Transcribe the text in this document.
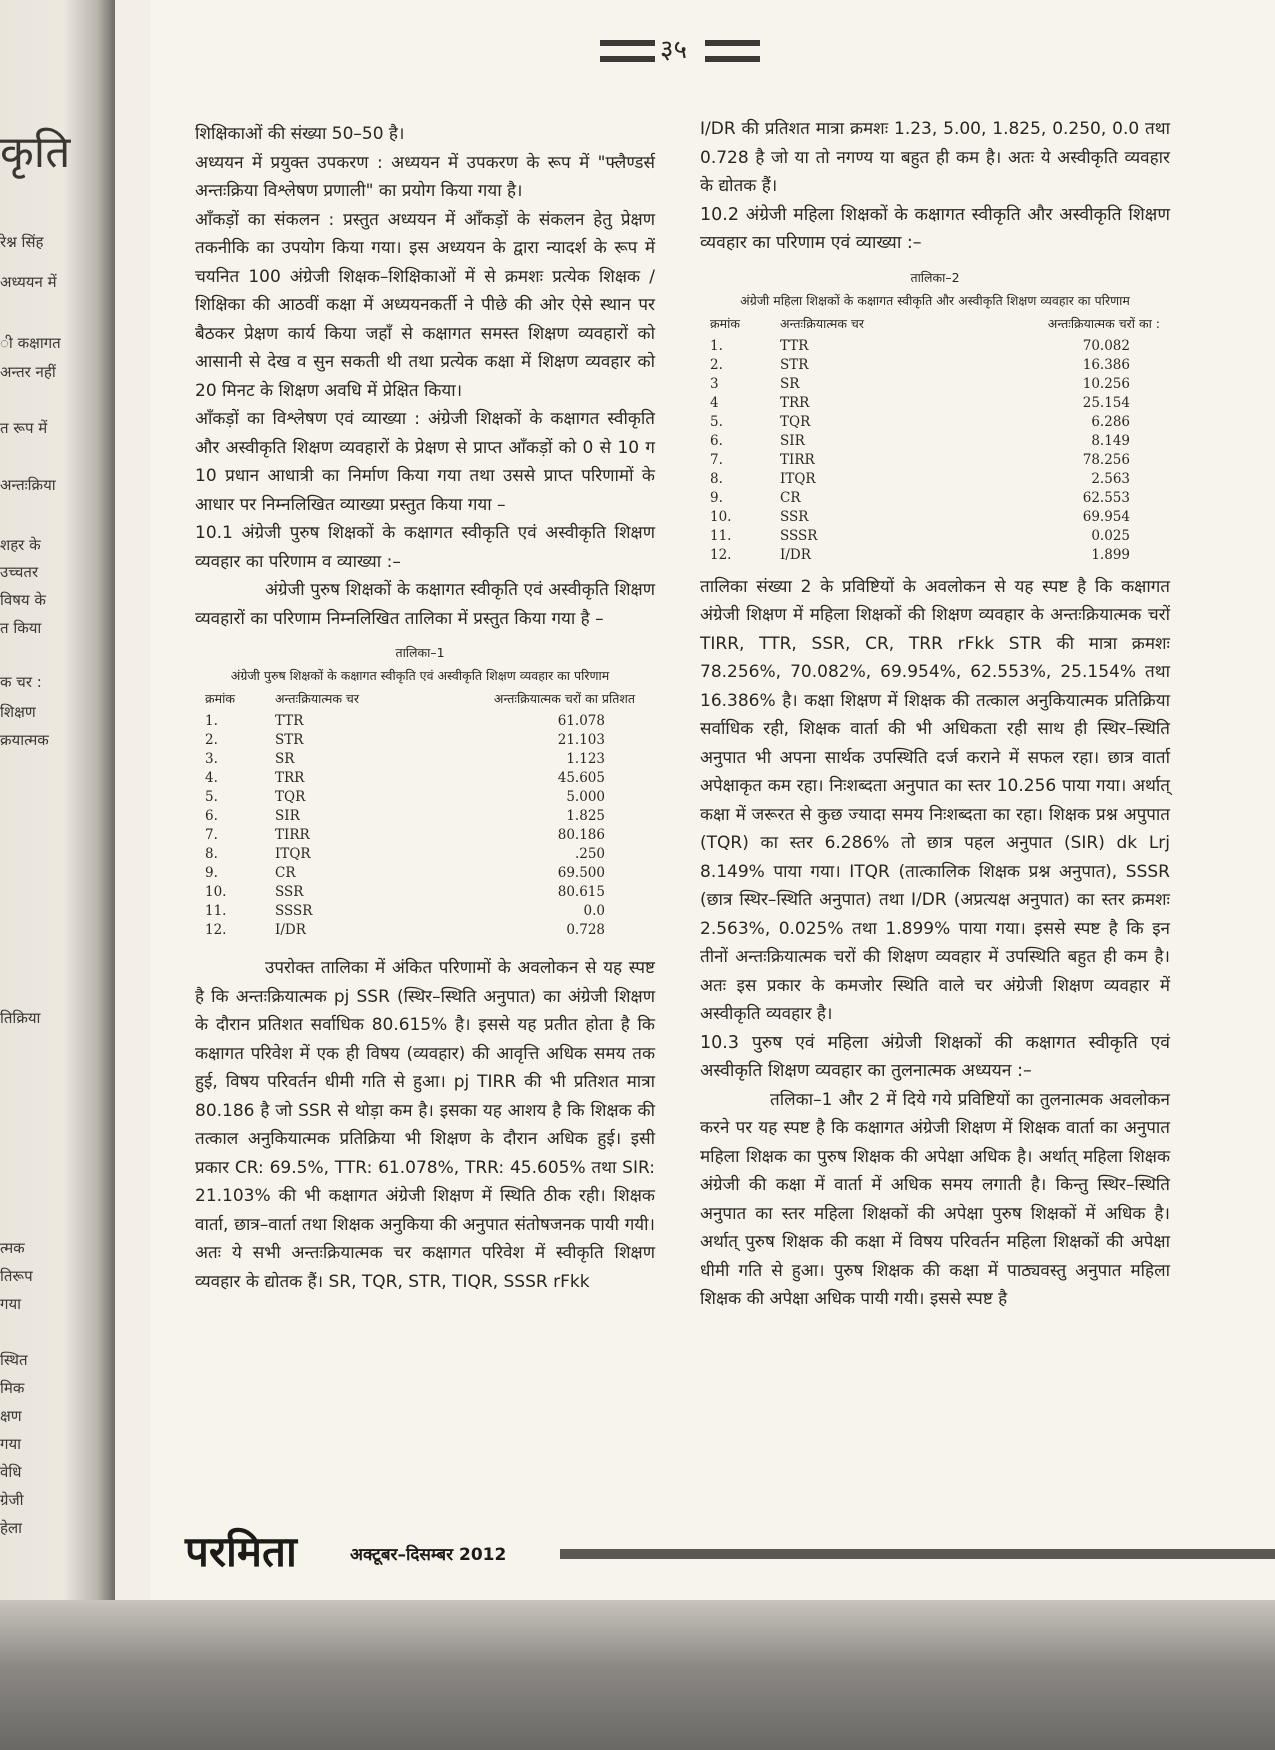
कृति
रेश्न सिंह
अध्ययन में
ी कक्षागत
अन्तर नहीं
त रूप में
अन्तःक्रिया
शहर के
उच्चतर
विषय के
त किया
क चर :
शिक्षण
क्रयात्मक
तिक्रिया
त्मक
तिरूप
गया
स्थित
मिक
क्षण
गया
वेधि
ग्रेजी
हेला
३५

शिक्षिकाओं की संख्या 50–50 है।

अध्ययन में प्रयुक्त उपकरण : अध्ययन में उपकरण के रूप में "फ्लैण्डर्स अन्तःक्रिया विश्लेषण प्रणाली" का प्रयोग किया गया है।

आँकड़ों का संकलन : प्रस्तुत अध्ययन में आँकड़ों के संकलन हेतु प्रेक्षण तकनीकि का उपयोग किया गया। इस अध्ययन के द्वारा न्यादर्श के रूप में चयनित 100 अंग्रेजी शिक्षक–शिक्षिकाओं में से क्रमशः प्रत्येक शिक्षक / शिक्षिका की आठवीं कक्षा में अध्ययनकर्ती ने पीछे की ओर ऐसे स्थान पर बैठकर प्रेक्षण कार्य किया जहाँ से कक्षागत समस्त शिक्षण व्यवहारों को आसानी से देख व सुन सकती थी तथा प्रत्येक कक्षा में शिक्षण व्यवहार को 20 मिनट के शिक्षण अवधि में प्रेक्षित किया।

आँकड़ों का विश्लेषण एवं व्याख्या : अंग्रेजी शिक्षकों के कक्षागत स्वीकृति और अस्वीकृति शिक्षण व्यवहारों के प्रेक्षण से प्राप्त आँकड़ों को 0 से 10 ग 10 प्रधान आधात्री का निर्माण किया गया तथा उससे प्राप्त परिणामों के आधार पर निम्नलिखित व्याख्या प्रस्तुत किया गया –

10.1 अंग्रेजी पुरुष शिक्षकों के कक्षागत स्वीकृति एवं अस्वीकृति शिक्षण व्यवहार का परिणाम व व्याख्या :–

अंग्रेजी पुरुष शिक्षकों के कक्षागत स्वीकृति एवं अस्वीकृति शिक्षण व्यवहारों का परिणाम निम्नलिखित तालिका में प्रस्तुत किया गया है –

तालिका–1
अंग्रेजी पुरुष शिक्षकों के कक्षागत स्वीकृति एवं अस्वीकृति शिक्षण व्यवहार का परिणाम
क्रमांक	अन्तःक्रियात्मक चर	अन्तःक्रियात्मक चरों का प्रतिशत
1.	TTR	61.078
2.	STR	21.103
3.	SR	1.123
4.	TRR	45.605
5.	TQR	5.000
6.	SIR	1.825
7.	TIRR	80.186
8.	ITQR	.250
9.	CR	69.500
10.	SSR	80.615
11.	SSSR	0.0
12.	I/DR	0.728

उपरोक्त तालिका में अंकित परिणामों के अवलोकन से यह स्पष्ट है कि अन्तःक्रियात्मक pj SSR (स्थिर–स्थिति अनुपात) का अंग्रेजी शिक्षण के दौरान प्रतिशत सर्वाधिक 80.615% है। इससे यह प्रतीत होता है कि कक्षागत परिवेश में एक ही विषय (व्यवहार) की आवृत्ति अधिक समय तक हुई, विषय परिवर्तन धीमी गति से हुआ। pj TIRR की भी प्रतिशत मात्रा 80.186 है जो SSR से थोड़ा कम है। इसका यह आशय है कि शिक्षक की तत्काल अनुकियात्मक प्रतिक्रिया भी शिक्षण के दौरान अधिक हुई। इसी प्रकार CR: 69.5%, TTR: 61.078%, TRR: 45.605% तथा SIR: 21.103% की भी कक्षागत अंग्रेजी शिक्षण में स्थिति ठीक रही। शिक्षक वार्ता, छात्र–वार्ता तथा शिक्षक अनुकिया की अनुपात संतोषजनक पायी गयी। अतः ये सभी अन्तःक्रियात्मक चर कक्षागत परिवेश में स्वीकृति शिक्षण व्यवहार के द्योतक हैं। SR, TQR, STR, TIQR, SSSR rFkk

I/DR की प्रतिशत मात्रा क्रमशः 1.23, 5.00, 1.825, 0.250, 0.0 तथा 0.728 है जो या तो नगण्य या बहुत ही कम है। अतः ये अस्वीकृति व्यवहार के द्योतक हैं।

10.2 अंग्रेजी महिला शिक्षकों के कक्षागत स्वीकृति और अस्वीकृति शिक्षण व्यवहार का परिणाम एवं व्याख्या :–

तालिका–2
अंग्रेजी महिला शिक्षकों के कक्षागत स्वीकृति और अस्वीकृति शिक्षण व्यवहार का परिणाम
क्रमांक	अन्तःक्रियात्मक चर	अन्तःक्रियात्मक चरों का :
1.	TTR	70.082
2.	STR	16.386
3	SR	10.256
4	TRR	25.154
5.	TQR	6.286
6.	SIR	8.149
7.	TIRR	78.256
8.	ITQR	2.563
9.	CR	62.553
10.	SSR	69.954
11.	SSSR	0.025
12.	I/DR	1.899

तालिका संख्या 2 के प्रविष्टियों के अवलोकन से यह स्पष्ट है कि कक्षागत अंग्रेजी शिक्षण में महिला शिक्षकों की शिक्षण व्यवहार के अन्तःक्रियात्मक चरों TIRR, TTR, SSR, CR, TRR rFkk STR की मात्रा क्रमशः 78.256%, 70.082%, 69.954%, 62.553%, 25.154% तथा 16.386% है। कक्षा शिक्षण में शिक्षक की तत्काल अनुकियात्मक प्रतिक्रिया सर्वाधिक रही, शिक्षक वार्ता की भी अधिकता रही साथ ही स्थिर–स्थिति अनुपात भी अपना सार्थक उपस्थिति दर्ज कराने में सफल रहा। छात्र वार्ता अपेक्षाकृत कम रहा। निःशब्दता अनुपात का स्तर 10.256 पाया गया। अर्थात् कक्षा में जरूरत से कुछ ज्यादा समय निःशब्दता का रहा। शिक्षक प्रश्न अपुपात (TQR) का स्तर 6.286% तो छात्र पहल अनुपात (SIR) dk Lrj 8.149% पाया गया। ITQR (तात्कालिक शिक्षक प्रश्न अनुपात), SSSR (छात्र स्थिर–स्थिति अनुपात) तथा I/DR (अप्रत्यक्ष अनुपात) का स्तर क्रमशः 2.563%, 0.025% तथा 1.899% पाया गया। इससे स्पष्ट है कि इन तीनों अन्तःक्रियात्मक चरों की शिक्षण व्यवहार में उपस्थिति बहुत ही कम है। अतः इस प्रकार के कमजोर स्थिति वाले चर अंग्रेजी शिक्षण व्यवहार में अस्वीकृति व्यवहार है।

10.3 पुरुष एवं महिला अंग्रेजी शिक्षकों की कक्षागत स्वीकृति एवं अस्वीकृति शिक्षण व्यवहार का तुलनात्मक अध्ययन :–

तलिका–1 और 2 में दिये गये प्रविष्टियों का तुलनात्मक अवलोकन करने पर यह स्पष्ट है कि कक्षागत अंग्रेजी शिक्षण में शिक्षक वार्ता का अनुपात महिला शिक्षक का पुरुष शिक्षक की अपेक्षा अधिक है। अर्थात् महिला शिक्षक अंग्रेजी की कक्षा में वार्ता में अधिक समय लगाती है। किन्तु स्थिर–स्थिति अनुपात का स्तर महिला शिक्षकों की अपेक्षा पुरुष शिक्षकों में अधिक है। अर्थात् पुरुष शिक्षक की कक्षा में विषय परिवर्तन महिला शिक्षकों की अपेक्षा धीमी गति से हुआ। पुरुष शिक्षक की कक्षा में पाठ्यवस्तु अनुपात महिला शिक्षक की अपेक्षा अधिक पायी गयी। इससे स्पष्ट है

परमिता	अक्टूबर–दिसम्बर 2012
